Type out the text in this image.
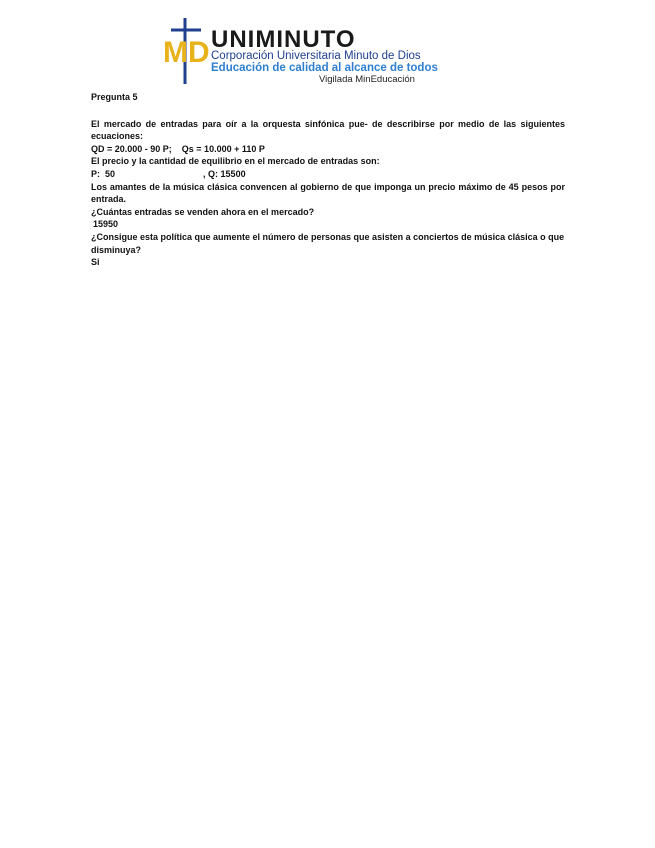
MD UNIMINUTO
Corporación Universitaria Minuto de Dios
Educación de calidad al alcance de todos
Vigilada MinEducación

Pregunta 5

El mercado de entradas para oír a la orquesta sinfónica pue- de describirse por medio de las siguientes ecuaciones:

QD = 20.000 - 90 P;    Qs = 10.000 + 110 P

El precio y la cantidad de equilibrio en el mercado de entradas son:

P: 50	, Q: 15500

Los amantes de la música clásica convencen al gobierno de que imponga un precio máximo de 45 pesos por entrada.

¿Cuántas entradas se venden ahora en el mercado?

15950

¿Consigue esta política que aumente el número de personas que asisten a conciertos de música clásica o que disminuya?

Si
